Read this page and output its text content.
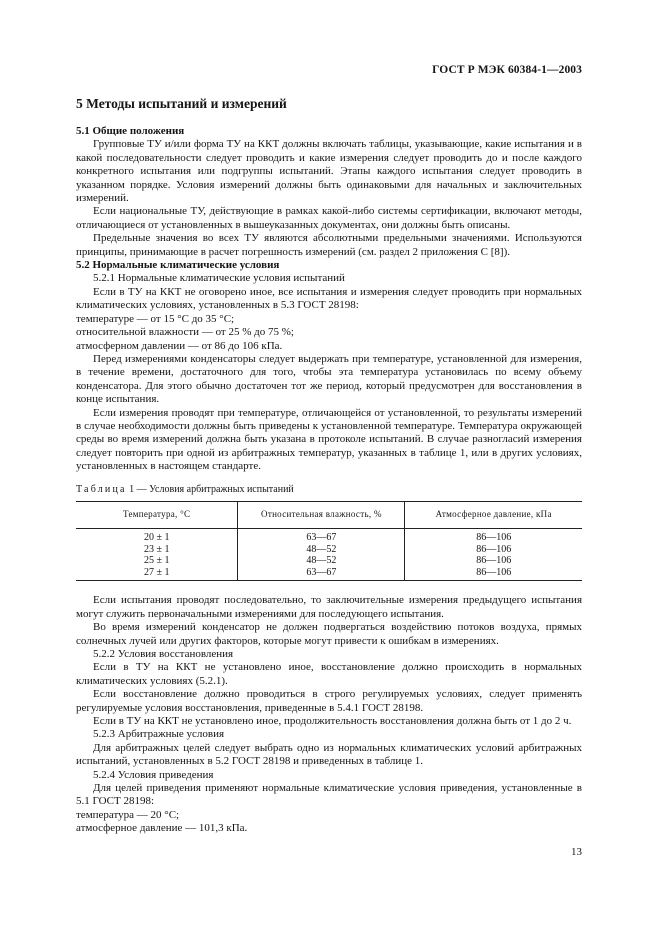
ГОСТ Р МЭК 60384-1—2003
5 Методы испытаний и измерений
5.1 Общие положения

Групповые ТУ и/или форма ТУ на ККТ должны включать таблицы, указывающие, какие испытания и в какой последовательности следует проводить и какие измерения следует проводить до и после каждого конкретного испытания или подгруппы испытаний. Этапы каждого испытания следует проводить в указанном порядке. Условия измерений должны быть одинаковыми для начальных и заключительных измерений.

Если национальные ТУ, действующие в рамках какой-либо системы сертификации, включают методы, отличающиеся от установленных в вышеуказанных документах, они должны быть описаны.

Предельные значения во всех ТУ являются абсолютными предельными значениями. Используются принципы, принимающие в расчет погрешность измерений (см. раздел 2 приложения С [8]).

5.2 Нормальные климатические условия

5.2.1 Нормальные климатические условия испытаний

Если в ТУ на ККТ не оговорено иное, все испытания и измерения следует проводить при нормальных климатических условиях, установленных в 5.3 ГОСТ 28198:

температуре — от 15 °С до 35 °С;

относительной влажности — от 25 % до 75 %;

атмосферном давлении — от 86 до 106 кПа.

Перед измерениями конденсаторы следует выдержать при температуре, установленной для измерения, в течение времени, достаточного для того, чтобы эта температура установилась по всему объему конденсатора. Для этого обычно достаточен тот же период, который предусмотрен для восстановления в конце испытания.

Если измерения проводят при температуре, отличающейся от установленной, то результаты измерений в случае необходимости должны быть приведены к установленной температуре. Температура окружающей среды во время измерений должна быть указана в протоколе испытаний. В случае разногласий измерения следует повторить при одной из арбитражных температур, указанных в таблице 1, или в других условиях, установленных в настоящем стандарте.

Таблица 1 — Условия арбитражных испытаний
Температура, °С	Относительная влажность, %	Атмосферное давление, кПа
20 ± 1	63—67	86—106
23 ± 1	48—52	86—106
25 ± 1	48—52	86—106
27 ± 1	63—67	86—106

Если испытания проводят последовательно, то заключительные измерения предыдущего испытания могут служить первоначальными измерениями для последующего испытания.

Во время измерений конденсатор не должен подвергаться воздействию потоков воздуха, прямых солнечных лучей или других факторов, которые могут привести к ошибкам в измерениях.

5.2.2 Условия восстановления

Если в ТУ на ККТ не установлено иное, восстановление должно происходить в нормальных климатических условиях (5.2.1).

Если восстановление должно проводиться в строго регулируемых условиях, следует применять регулируемые условия восстановления, приведенные в 5.4.1 ГОСТ 28198.

Если в ТУ на ККТ не установлено иное, продолжительность восстановления должна быть от 1 до 2 ч.

5.2.3 Арбитражные условия

Для арбитражных целей следует выбрать одно из нормальных климатических условий арбитражных испытаний, установленных в 5.2 ГОСТ 28198 и приведенных в таблице 1.

5.2.4 Условия приведения

Для целей приведения применяют нормальные климатические условия приведения, установленные в 5.1 ГОСТ 28198:

температура — 20 °С;

атмосферное давление — 101,3 кПа.

13
